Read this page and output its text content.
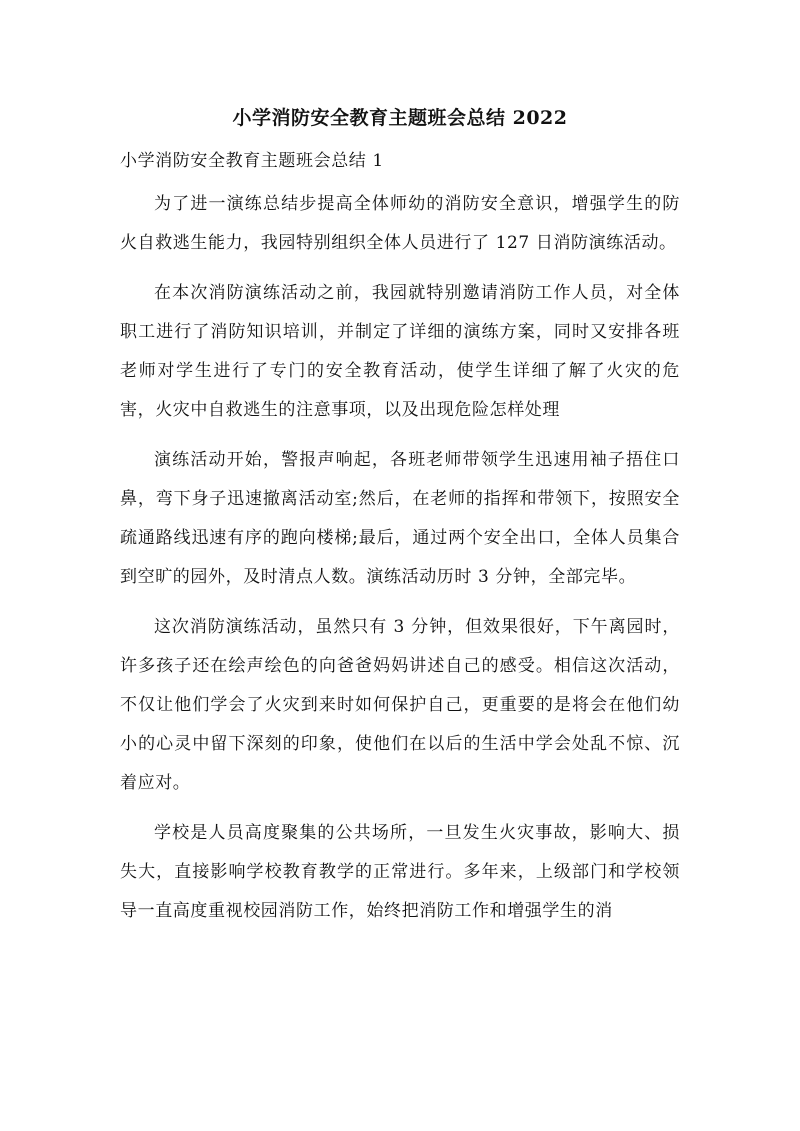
小学消防安全教育主题班会总结 2022
小学消防安全教育主题班会总结 1

为了进一演练总结步提高全体师幼的消防安全意识，增强学生的防火自救逃生能力，我园特别组织全体人员进行了 127 日消防演练活动。

在本次消防演练活动之前，我园就特别邀请消防工作人员，对全体职工进行了消防知识培训，并制定了详细的演练方案，同时又安排各班老师对学生进行了专门的安全教育活动，使学生详细了解了火灾的危害，火灾中自救逃生的注意事项，以及出现危险怎样处理

演练活动开始，警报声响起，各班老师带领学生迅速用袖子捂住口鼻，弯下身子迅速撤离活动室;然后，在老师的指挥和带领下，按照安全疏通路线迅速有序的跑向楼梯;最后，通过两个安全出口，全体人员集合到空旷的园外，及时清点人数。演练活动历时 3 分钟，全部完毕。

这次消防演练活动，虽然只有 3 分钟，但效果很好，下午离园时，许多孩子还在绘声绘色的向爸爸妈妈讲述自己的感受。相信这次活动，不仅让他们学会了火灾到来时如何保护自己，更重要的是将会在他们幼小的心灵中留下深刻的印象，使他们在以后的生活中学会处乱不惊、沉着应对。

学校是人员高度聚集的公共场所，一旦发生火灾事故，影响大、损失大，直接影响学校教育教学的正常进行。多年来，上级部门和学校领导一直高度重视校园消防工作，始终把消防工作和增强学生的消
